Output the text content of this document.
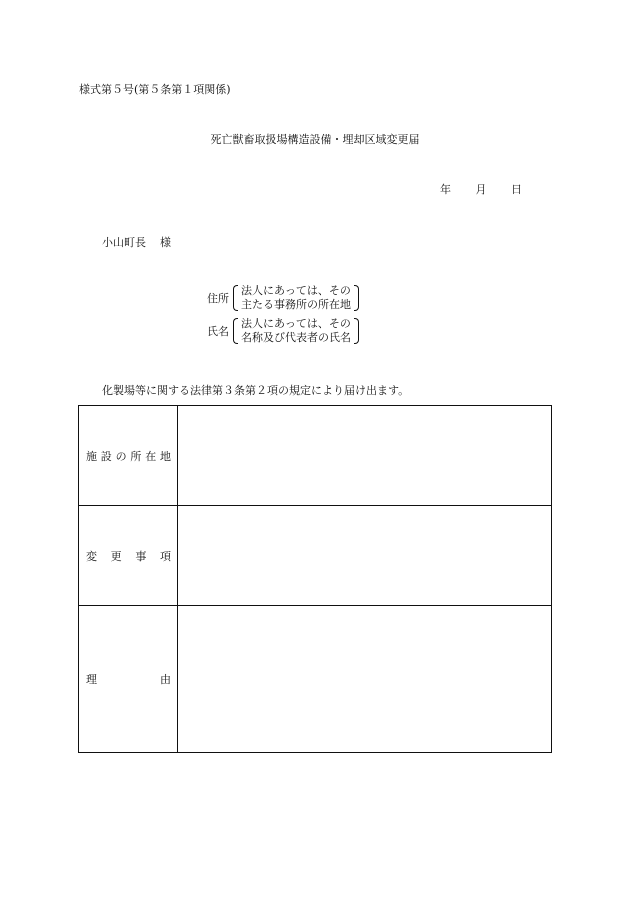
様式第５号(第５条第１項関係)
死亡獣畜取扱場構造設備・埋却区域変更届
年 月 日
小山町長 様
住所
法人にあっては、その
主たる事務所の所在地
氏名
法人にあっては、その
名称及び代表者の氏名
化製場等に関する法律第３条第２項の規定により届け出ます。
施 設 の 所 在 地
変 更 事 項
理	由
